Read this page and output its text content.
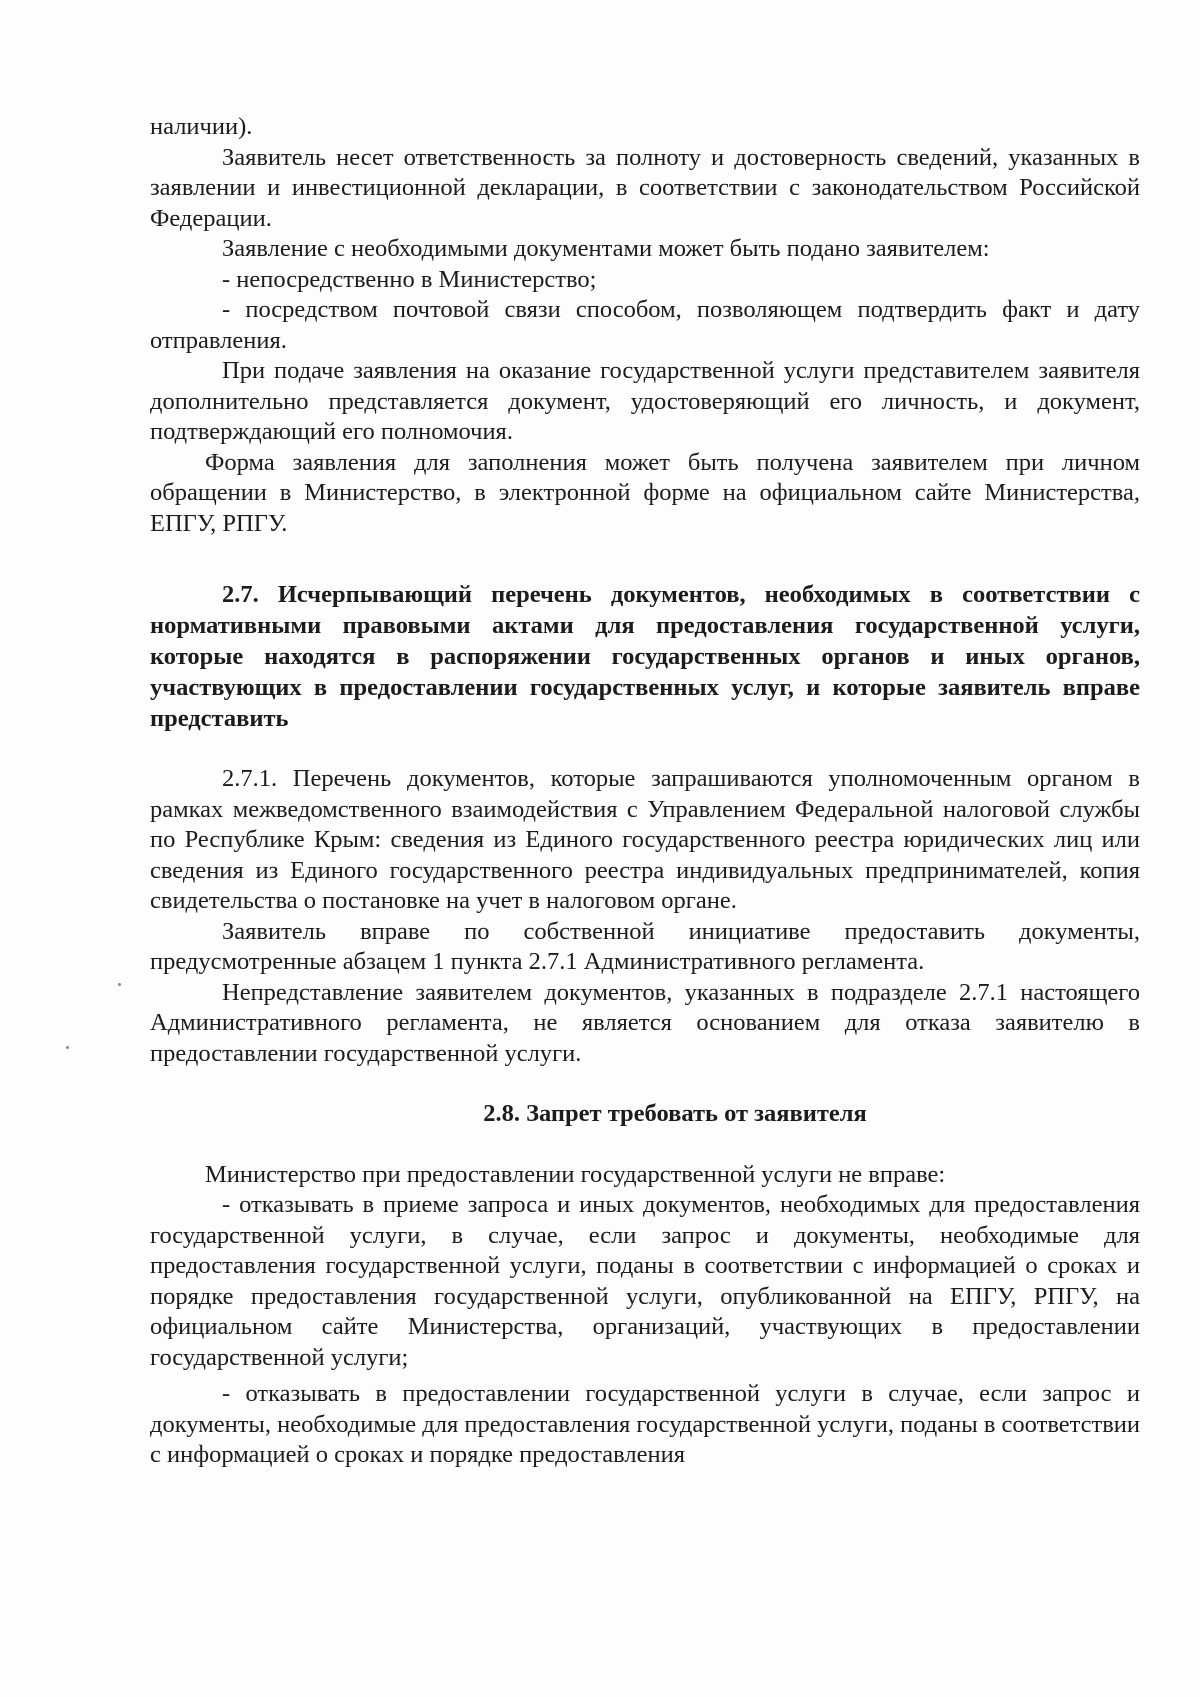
наличии).

Заявитель несет ответственность за полноту и достоверность сведений, указанных в заявлении и инвестиционной декларации, в соответствии с законодательством Российской Федерации.

Заявление с необходимыми документами может быть подано заявителем:

- непосредственно в Министерство;

- посредством почтовой связи способом, позволяющем подтвердить факт и дату отправления.

При подаче заявления на оказание государственной услуги представителем заявителя дополнительно представляется документ, удостоверяющий его личность, и документ, подтверждающий его полномочия.

Форма заявления для заполнения может быть получена заявителем при личном обращении в Министерство, в электронной форме на официальном сайте Министерства, ЕПГУ, РПГУ.

2.7. Исчерпывающий перечень документов, необходимых в соответствии с нормативными правовыми актами для предоставления государственной услуги, которые находятся в распоряжении государственных органов и иных органов, участвующих в предоставлении государственных услуг, и которые заявитель вправе представить

2.7.1. Перечень документов, которые запрашиваются уполномоченным органом в рамках межведомственного взаимодействия с Управлением Федеральной налоговой службы по Республике Крым: сведения из Единого государственного реестра юридических лиц или сведения из Единого государственного реестра индивидуальных предпринимателей, копия свидетельства о постановке на учет в налоговом органе.

Заявитель вправе по собственной инициативе предоставить документы, предусмотренные абзацем 1 пункта 2.7.1 Административного регламента.

Непредставление заявителем документов, указанных в подразделе 2.7.1 настоящего Административного регламента, не является основанием для отказа заявителю в предоставлении государственной услуги.

2.8. Запрет требовать от заявителя

Министерство при предоставлении государственной услуги не вправе:

- отказывать в приеме запроса и иных документов, необходимых для предоставления государственной услуги, в случае, если запрос и документы, необходимые для предоставления государственной услуги, поданы в соответствии с информацией о сроках и порядке предоставления государственной услуги, опубликованной на ЕПГУ, РПГУ, на официальном сайте Министерства, организаций, участвующих в предоставлении государственной услуги;

- отказывать в предоставлении государственной услуги в случае, если запрос и документы, необходимые для предоставления государственной услуги, поданы в соответствии с информацией о сроках и порядке предоставления
